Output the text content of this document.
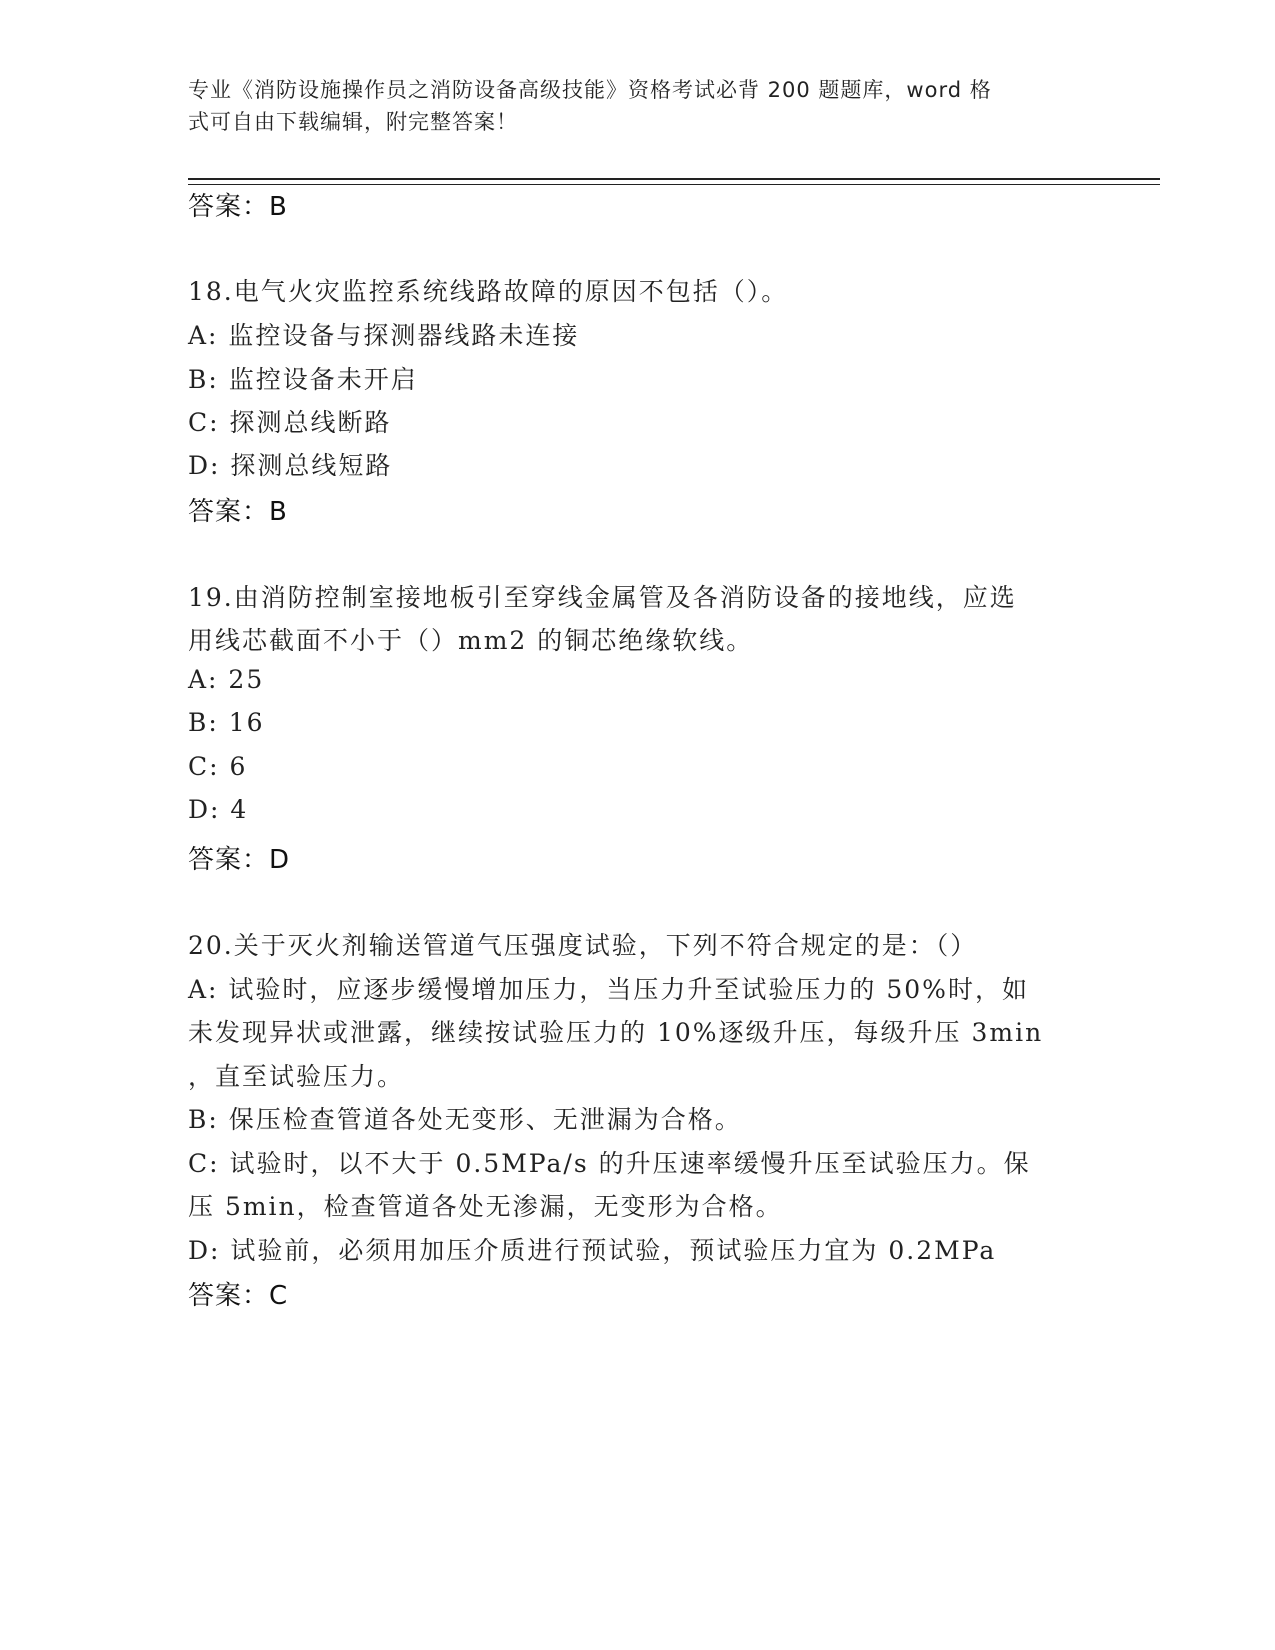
专业《消防设施操作员之消防设备高级技能》资格考试必背 200 题题库，word 格
式可自由下载编辑，附完整答案！
答案：B
18.电气火灾监控系统线路故障的原因不包括（）。
A: 监控设备与探测器线路未连接
B: 监控设备未开启
C: 探测总线断路
D: 探测总线短路
答案：B
19.由消防控制室接地板引至穿线金属管及各消防设备的接地线，应选
用线芯截面不小于（）mm2 的铜芯绝缘软线。
A: 25
B: 16
C: 6
D: 4
答案：D
20.关于灭火剂输送管道气压强度试验，下列不符合规定的是：（）
A: 试验时，应逐步缓慢增加压力，当压力升至试验压力的 50%时，如
未发现异状或泄露，继续按试验压力的 10%逐级升压，每级升压 3min
，直至试验压力。
B: 保压检查管道各处无变形、无泄漏为合格。
C: 试验时，以不大于 0.5MPa/s 的升压速率缓慢升压至试验压力。保
压 5min，检查管道各处无渗漏，无变形为合格。
D: 试验前，必须用加压介质进行预试验，预试验压力宜为 0.2MPa
答案：C
